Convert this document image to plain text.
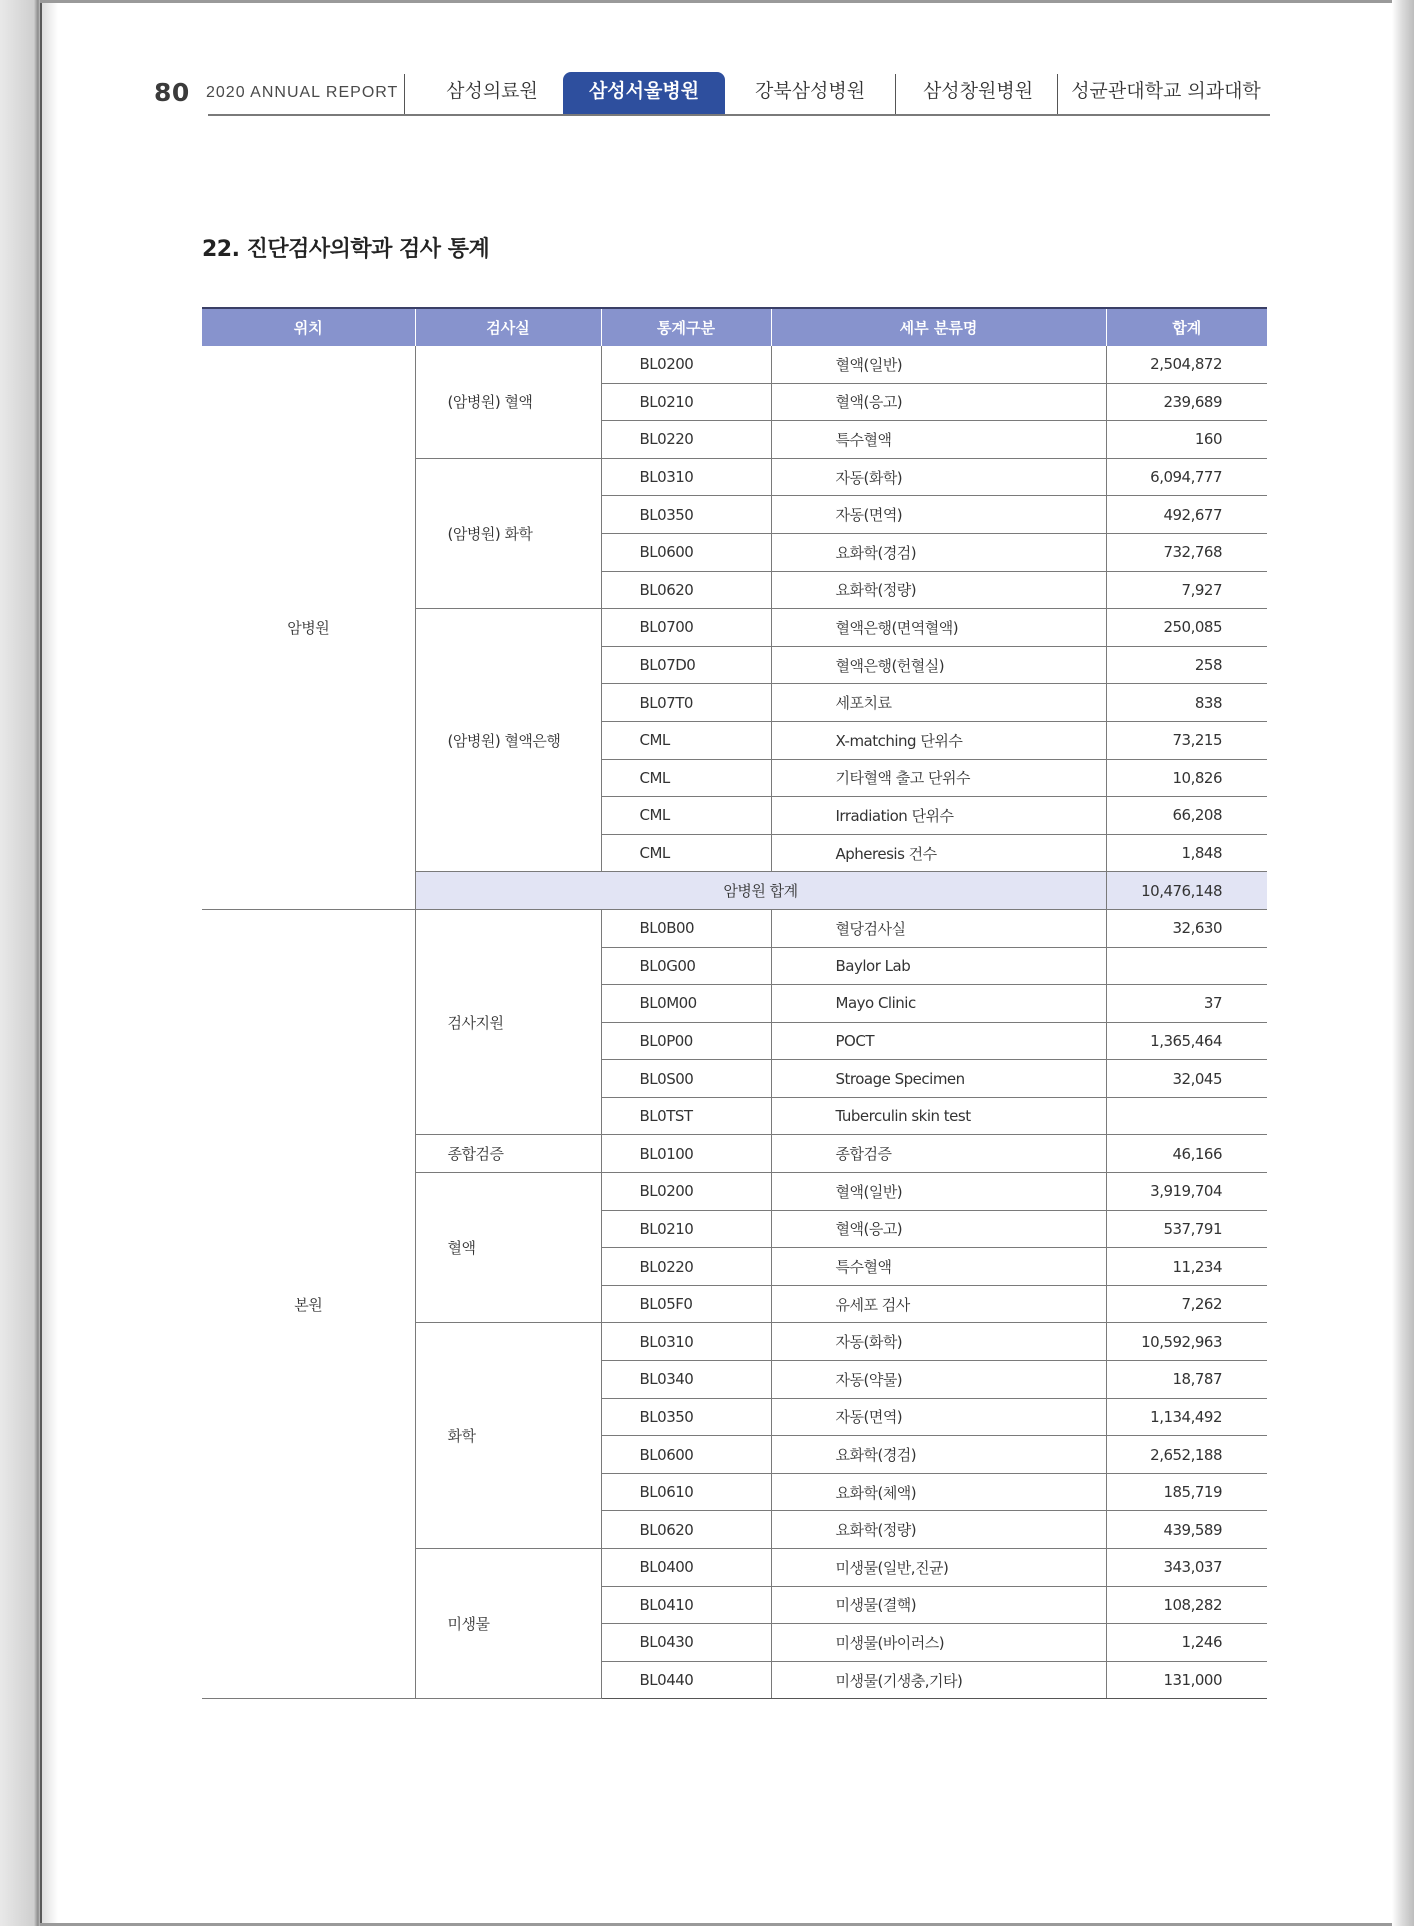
80 2020 ANNUAL REPORT	삼성의료원	삼성서울병원	강북삼성병원	삼성창원병원	성균관대학교 의과대학
22. 진단검사의학과 검사 통계
위치	검사실	통계구분	세부 분류명	합계
암병원	(암병원) 혈액	BL0200	혈액(일반)	2,504,872
		BL0210	혈액(응고)	239,689
		BL0220	특수혈액	160
	(암병원) 화학	BL0310	자동(화학)	6,094,777
		BL0350	자동(면역)	492,677
		BL0600	요화학(경검)	732,768
		BL0620	요화학(정량)	7,927
	(암병원) 혈액은행	BL0700	혈액은행(면역혈액)	250,085
		BL07D0	혈액은행(헌혈실)	258
		BL07T0	세포치료	838
		CML	X-matching 단위수	73,215
		CML	기타혈액 출고 단위수	10,826
		CML	Irradiation 단위수	66,208
		CML	Apheresis 건수	1,848
	암병원 합계			10,476,148
본원	검사지원	BL0B00	혈당검사실	32,630
		BL0G00	Baylor Lab	
		BL0M00	Mayo Clinic	37
		BL0P00	POCT	1,365,464
		BL0S00	Stroage Specimen	32,045
		BL0TST	Tuberculin skin test	
	종합검증	BL0100	종합검증	46,166
	혈액	BL0200	혈액(일반)	3,919,704
		BL0210	혈액(응고)	537,791
		BL0220	특수혈액	11,234
		BL05F0	유세포 검사	7,262
	화학	BL0310	자동(화학)	10,592,963
		BL0340	자동(약물)	18,787
		BL0350	자동(면역)	1,134,492
		BL0600	요화학(경검)	2,652,188
		BL0610	요화학(체액)	185,719
		BL0620	요화학(정량)	439,589
	미생물	BL0400	미생물(일반,진균)	343,037
		BL0410	미생물(결핵)	108,282
		BL0430	미생물(바이러스)	1,246
		BL0440	미생물(기생충,기타)	131,000
